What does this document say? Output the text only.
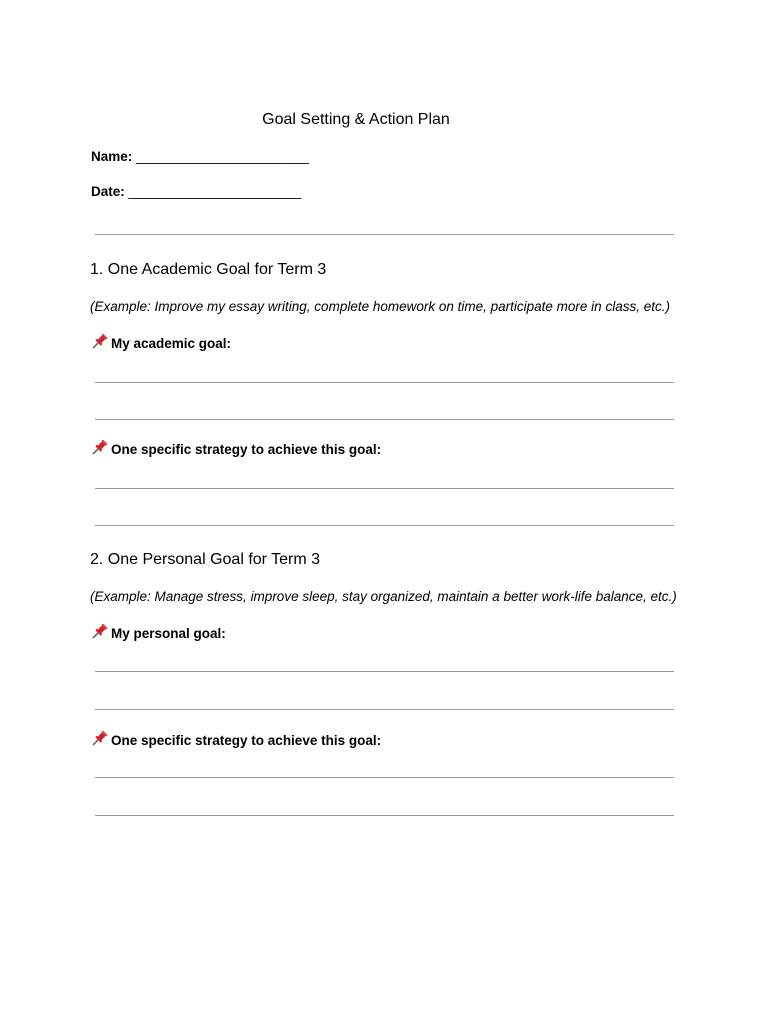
Goal Setting & Action Plan
Name: _______________________
Date: _______________________
1. One Academic Goal for Term 3
(Example: Improve my essay writing, complete homework on time, participate more in class, etc.)
My academic goal:
One specific strategy to achieve this goal:
2. One Personal Goal for Term 3
(Example: Manage stress, improve sleep, stay organized, maintain a better work-life balance, etc.)
My personal goal:
One specific strategy to achieve this goal:
